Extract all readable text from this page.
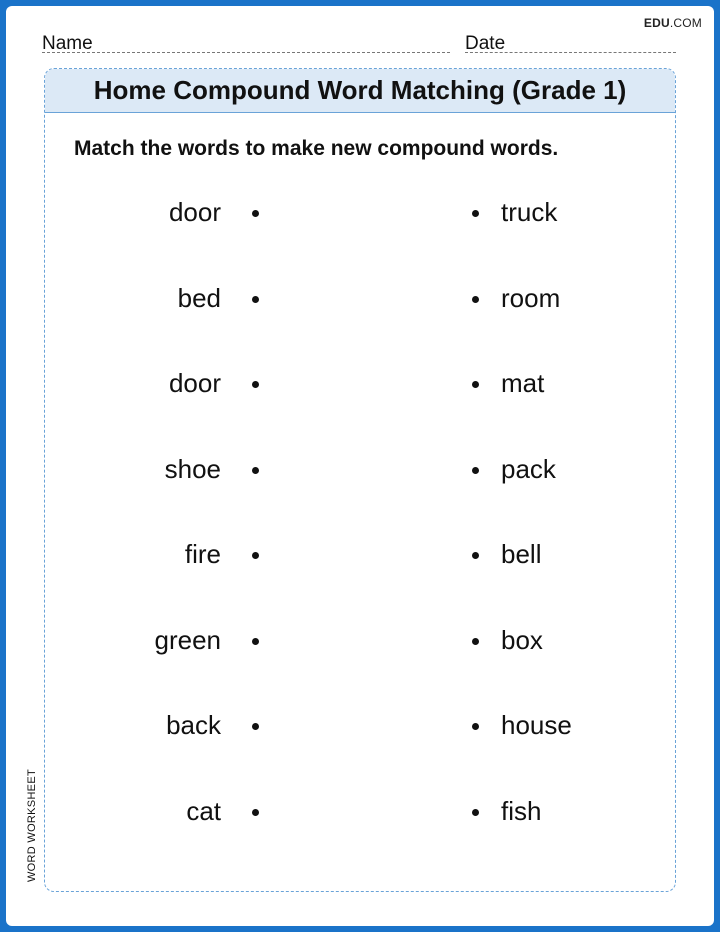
EDU.COM
Name	Date
Home Compound Word Matching (Grade 1)
Match the words to make new compound words.
door	truck
bed	room
door	mat
shoe	pack
fire	bell
green	box
back	house
cat	fish
WORD WORKSHEET
